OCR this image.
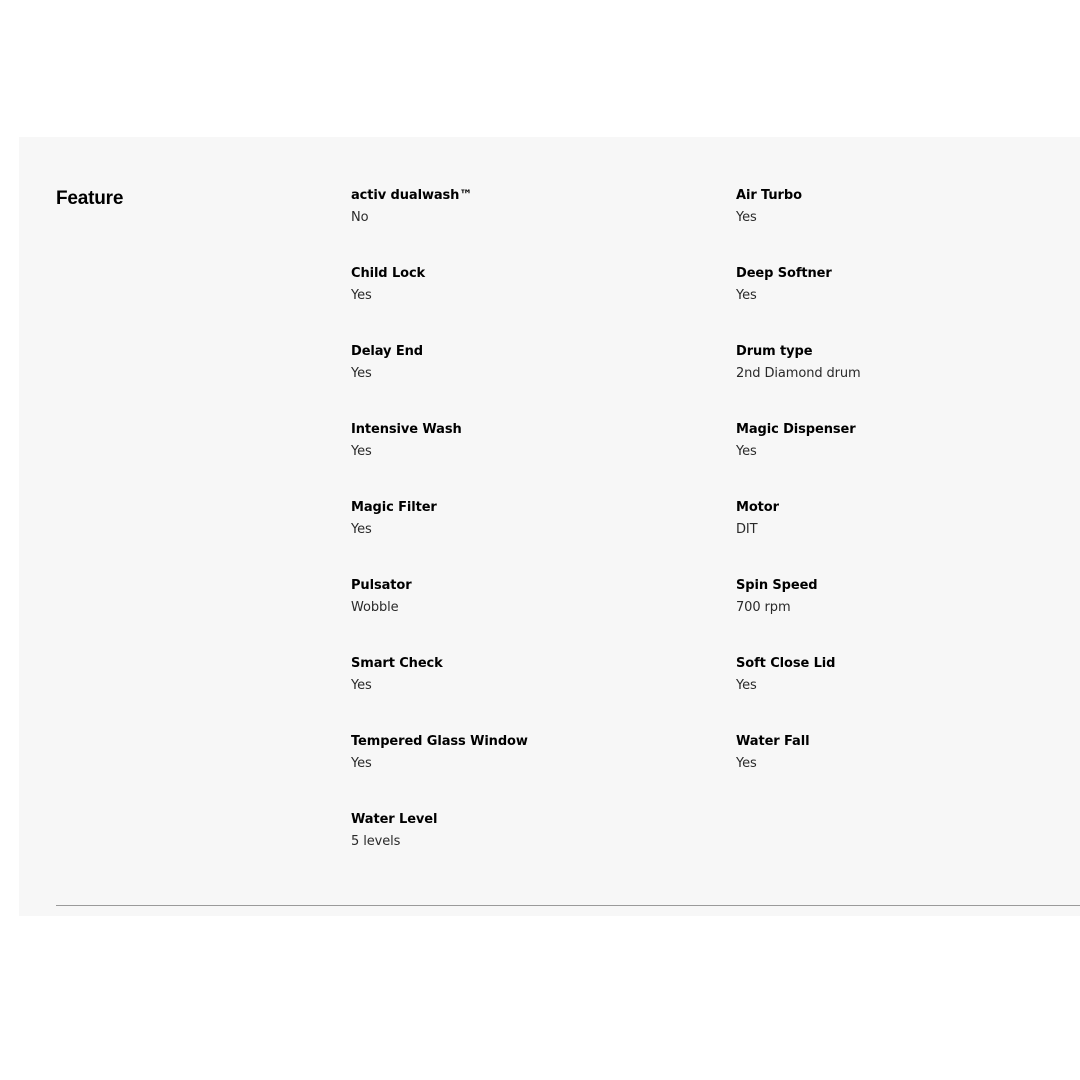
Feature	activ dualwash™
No
Air Turbo
Yes
Child Lock
Yes
Deep Softner
Yes
Delay End
Yes
Drum type
2nd Diamond drum
Intensive Wash
Yes
Magic Dispenser
Yes
Magic Filter
Yes
Motor
DIT
Pulsator
Wobble
Spin Speed
700 rpm
Smart Check
Yes
Soft Close Lid
Yes
Tempered Glass Window
Yes
Water Fall
Yes
Water Level
5 levels
